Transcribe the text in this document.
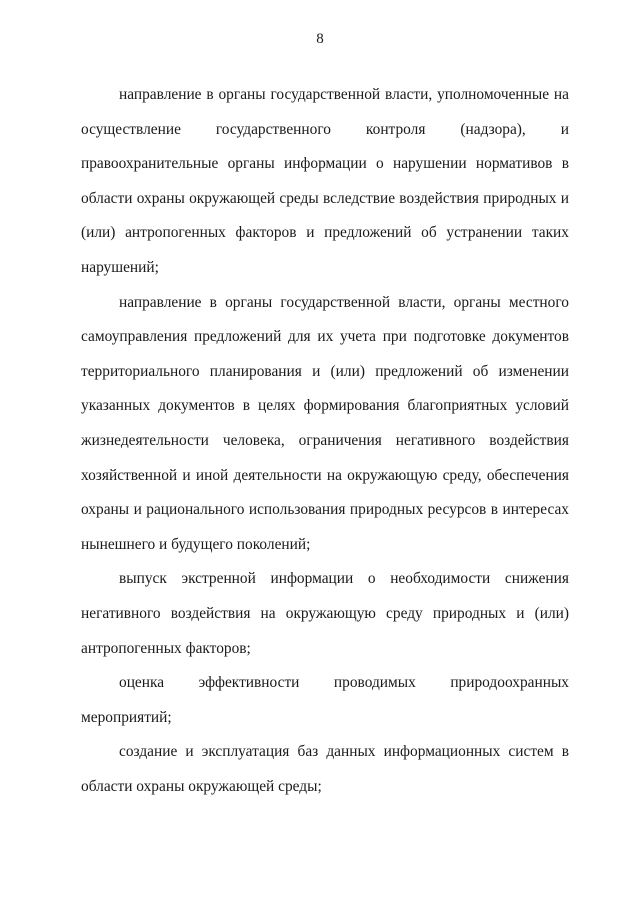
8

направление в органы государственной власти, уполномоченные на осуществление государственного контроля (надзора), и правоохранительные органы информации о нарушении нормативов в области охраны окружающей среды вследствие воздействия природных и (или) антропогенных факторов и предложений об устранении таких нарушений;

направление в органы государственной власти, органы местного самоуправления предложений для их учета при подготовке документов территориального планирования и (или) предложений об изменении указанных документов в целях формирования благоприятных условий жизнедеятельности человека, ограничения негативного воздействия хозяйственной и иной деятельности на окружающую среду, обеспечения охраны и рационального использования природных ресурсов в интересах нынешнего и будущего поколений;

выпуск экстренной информации о необходимости снижения негативного воздействия на окружающую среду природных и (или) антропогенных факторов;

оценка эффективности проводимых природоохранных мероприятий;

создание и эксплуатация баз данных информационных систем в области охраны окружающей среды;
